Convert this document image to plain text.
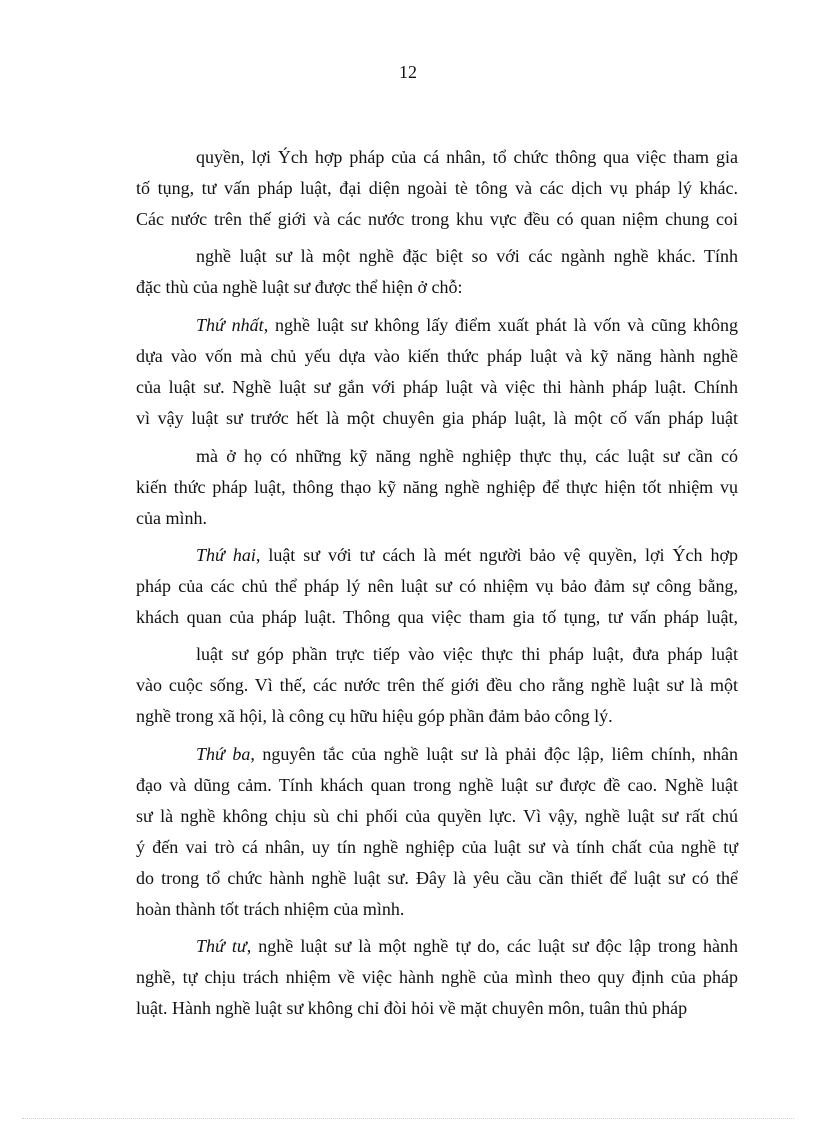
12
quyền, lợi Ých hợp pháp của cá nhân, tổ chức thông qua việc tham gia
tố tụng, tư vấn pháp luật, đại diện ngoài tè tông và các dịch vụ pháp lý khác.
Các nước trên thế giới và các nước trong khu vực đều có quan niệm chung coi
nghề luật sư là một nghề đặc biệt so với các ngành nghề khác. Tính
đặc thù của nghề luật sư được thể hiện ở chỗ:
Thứ nhất, nghề luật sư không lấy điểm xuất phát là vốn và cũng không
dựa vào vốn mà chủ yếu dựa vào kiến thức pháp luật và kỹ năng hành nghề
của luật sư. Nghề luật sư gắn với pháp luật và việc thi hành pháp luật. Chính
vì vậy luật sư trước hết là một chuyên gia pháp luật, là một cố vấn pháp luật
mà ở họ có những kỹ năng nghề nghiệp thực thụ, các luật sư cần có
kiến thức pháp luật, thông thạo kỹ năng nghề nghiệp để thực hiện tốt nhiệm vụ
của mình.
Thứ hai, luật sư với tư cách là mét người bảo vệ quyền, lợi Ých hợp
pháp của các chủ thể pháp lý nên luật sư có nhiệm vụ bảo đảm sự công bằng,
khách quan của pháp luật. Thông qua việc tham gia tố tụng, tư vấn pháp luật,
luật sư góp phần trực tiếp vào việc thực thi pháp luật, đưa pháp luật
vào cuộc sống. Vì thế, các nước trên thế giới đều cho rằng nghề luật sư là một
nghề trong xã hội, là công cụ hữu hiệu góp phần đảm bảo công lý.
Thứ ba, nguyên tắc của nghề luật sư là phải độc lập, liêm chính, nhân
đạo và dũng cảm. Tính khách quan trong nghề luật sư được đề cao. Nghề luật
sư là nghề không chịu sù chi phối của quyền lực. Vì vậy, nghề luật sư rất chú
ý đến vai trò cá nhân, uy tín nghề nghiệp của luật sư và tính chất của nghề tự
do trong tổ chức hành nghề luật sư. Đây là yêu cầu cần thiết để luật sư có thể
hoàn thành tốt trách nhiệm của mình.
Thứ tư, nghề luật sư là một nghề tự do, các luật sư độc lập trong hành
nghề, tự chịu trách nhiệm về việc hành nghề của mình theo quy định của pháp
luật. Hành nghề luật sư không chỉ đòi hỏi về mặt chuyên môn, tuân thủ pháp
